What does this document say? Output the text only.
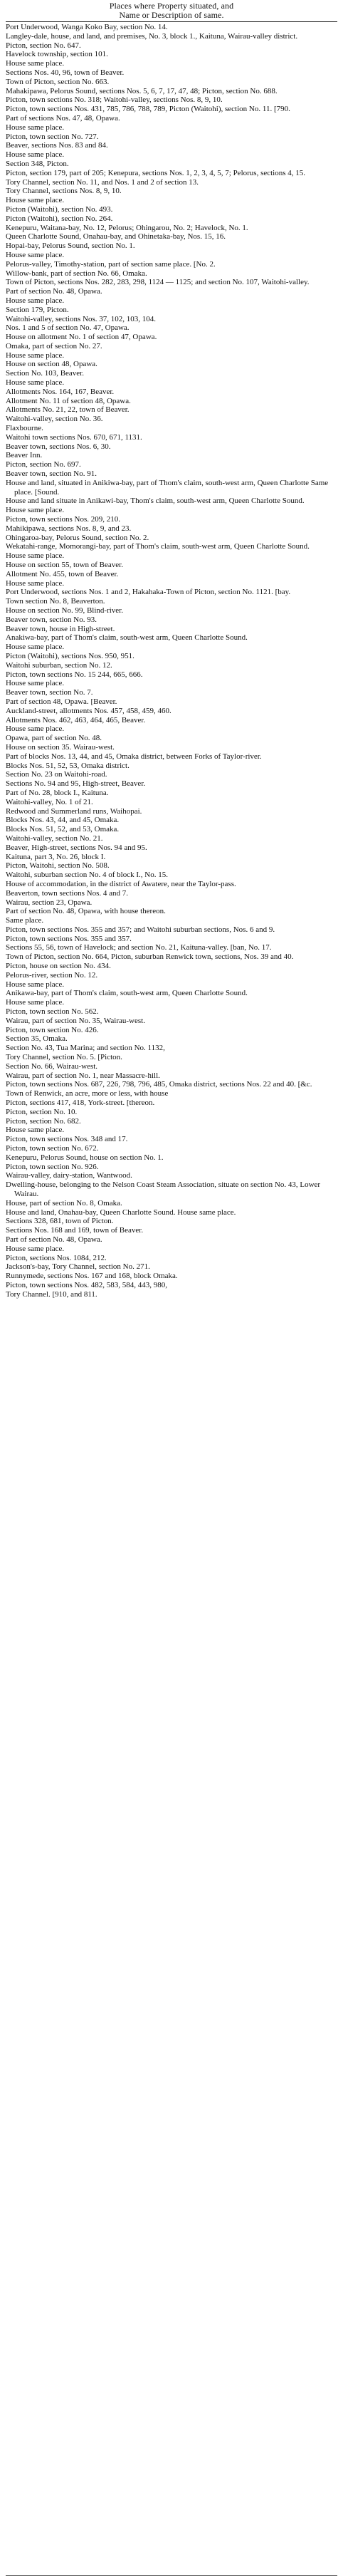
Places where Property situated, and
Name or Description of same.
Port Underwood, Wanga Koko Bay, section No. 14.
Langley-dale, house, and land, and premises, No. 3, block 1., Kaituna, Wairau-valley district.
Picton, section No. 647.
Havelock township, section 101.
House same place.
Sections Nos. 40, 96, town of Beaver.
Town of Picton, section No. 663.
Mahakipawa, Pelorus Sound, sections Nos. 5, 6, 7, 17, 47, 48; Picton, section No. 688.
Picton, town sections No. 318; Waitohi-valley, sections Nos. 8, 9, 10.
Picton, town sections Nos. 431, 785, 786, 788, 789, Picton (Waitohi), section No. 11. [790.
Part of sections Nos. 47, 48, Opawa.
House same place.
Picton, town section No. 727.
Beaver, sections Nos. 83 and 84.
House same place.
Section 348, Picton.
Picton, section 179, part of 205; Kenepura, sections Nos. 1, 2, 3, 4, 5, 7; Pelorus, sections 4, 15.
Tory Channel, section No. 11, and Nos. 1 and 2 of section 13.
Tory Channel, sections Nos. 8, 9, 10.
House same place.
Picton (Waitohi), section No. 493.
Picton (Waitohi), section No. 264.
Kenepuru, Waitana-bay, No. 12, Pelorus; Ohingarou, No. 2; Havelock, No. 1.
Queen Charlotte Sound, Onahau-bay, and Ohinetaka-bay, Nos. 15, 16.
Hopai-bay, Pelorus Sound, section No. 1.
House same place.
Pelorus-valley, Timothy-station, part of section same place. [No. 2.
Willow-bank, part of section No. 66, Omaka.
Town of Picton, sections Nos. 282, 283, 298, 1124 — 1125; and section No. 107, Waitohi-valley.
Part of section No. 48, Opawa.
House same place.
Section 179, Picton.
Waitohi-valley, sections Nos. 37, 102, 103, 104.
Nos. 1 and 5 of section No. 47, Opawa.
House on allotment No. 1 of section 47, Opawa.
Omaka, part of section No. 27.
House same place.
House on section 48, Opawa.
Section No. 103, Beaver.
House same place.
Allotments Nos. 164, 167, Beaver.
Allotment No. 11 of section 48, Opawa.
Allotments No. 21, 22, town of Beaver.
Waitohi-valley, section No. 36.
Flaxbourne.
Waitohi town sections Nos. 670, 671, 1131.
Beaver town, sections Nos. 6, 30.
Beaver Inn.
Picton, section No. 697.
Beaver town, section No. 91.
House and land, situated in Anikiwa-bay, part of Thom's claim, south-west arm, Queen Charlotte Same place. [Sound.
House and land situate in Anikawi-bay, Thom's claim, south-west arm, Queen Charlotte Sound.
House same place.
Picton, town sections Nos. 209, 210.
Mahikipawa, sections Nos. 8, 9, and 23.
Ohingaroa-bay, Pelorus Sound, section No. 2.
Wekatahi-range, Momorangi-bay, part of Thom's claim, south-west arm, Queen Charlotte Sound.
House same place.
House on section 55, town of Beaver.
Allotment No. 455, town of Beaver.
House same place.
Port Underwood, sections Nos. 1 and 2, Hakahaka-Town of Picton, section No. 1121. [bay.
Town section No. 8, Beaverton.
House on section No. 99, Blind-river.
Beaver town, section No. 93.
Beaver town, house in High-street.
Anakiwa-bay, part of Thom's claim, south-west arm, Queen Charlotte Sound.
House same place.
Picton (Waitohi), sections Nos. 950, 951.
Waitohi suburban, section No. 12.
Picton, town sections No. 15 244, 665, 666.
House same place.
Beaver town, section No. 7.
Part of section 48, Opawa. [Beaver.
Auckland-street, allotments Nos. 457, 458, 459, 460.
Allotments Nos. 462, 463, 464, 465, Beaver.
House same place.
Opawa, part of section No. 48.
House on section 35. Wairau-west.
Part of blocks Nos. 13, 44, and 45, Omaka district, between Forks of Taylor-river.
Blocks Nos. 51, 52, 53, Omaka district.
Section No. 23 on Waitohi-road.
Sections No. 94 and 95, High-street, Beaver.
Part of No. 28, block I., Kaituna.
Waitohi-valley, No. 1 of 21.
Redwood and Summerland runs, Waihopai.
Blocks Nos. 43, 44, and 45, Omaka.
Blocks Nos. 51, 52, and 53, Omaka.
Waitohi-valley, section No. 21.
Beaver, High-street, sections Nos. 94 and 95.
Kaituna, part 3, No. 26, block I.
Picton, Waitohi, section No. 508.
Waitohi, suburban section No. 4 of block I., No. 15.
House of accommodation, in the district of Awatere, near the Taylor-pass.
Beaverton, town sections Nos. 4 and 7.
Wairau, section 23, Opawa.
Part of section No. 48, Opawa, with house thereon.
Same place.
Picton, town sections Nos. 355 and 357; and Waitohi suburban sections, Nos. 6 and 9.
Picton, town sections Nos. 355 and 357.
Sections 55, 56, town of Havelock; and section No. 21, Kaituna-valley. [ban, No. 17.
Town of Picton, section No. 664, Picton, suburban Renwick town, sections, Nos. 39 and 40.
Picton, house on section No. 434.
Pelorus-river, section No. 12.
House same place.
Anikawa-bay, part of Thom's claim, south-west arm, Queen Charlotte Sound.
House same place.
Picton, town section No. 562.
Wairau, part of section No. 35, Wairau-west.
Picton, town section No. 426.
Section 35, Omaka.
Section No. 43, Tua Marina; and section No. 1132,
Tory Channel, section No. 5. [Picton.
Section No. 66, Wairau-west.
Wairau, part of section No. 1, near Massacre-hill.
Picton, town sections Nos. 687, 226, 798, 796, 485, Omaka district, sections Nos. 22 and 40. [&c.
Town of Renwick, an acre, more or less, with house
Picton, sections 417, 418, York-street. [thereon.
Picton, section No. 10.
Picton, section No. 682.
House same place.
Picton, town sections Nos. 348 and 17.
Picton, town section No. 672.
Kenepuru, Pelorus Sound, house on section No. 1.
Picton, town section No. 926.
Wairau-valley, dairy-station, Wantwood.
Dwelling-house, belonging to the Nelson Coast Steam Association, situate on section No. 43, Lower Wairau.
House, part of section No. 8, Omaka.
House and land, Onahau-bay, Queen Charlotte Sound. House same place.
Sections 328, 681, town of Picton.
Sections Nos. 168 and 169, town of Beaver.
Part of section No. 48, Opawa.
House same place.
Picton, sections Nos. 1084, 212.
Jackson's-bay, Tory Channel, section No. 271.
Runnymede, sections Nos. 167 and 168, block Omaka.
Picton, town sections Nos. 482, 583, 584, 443, 980,
Tory Channel. [910, and 811.
